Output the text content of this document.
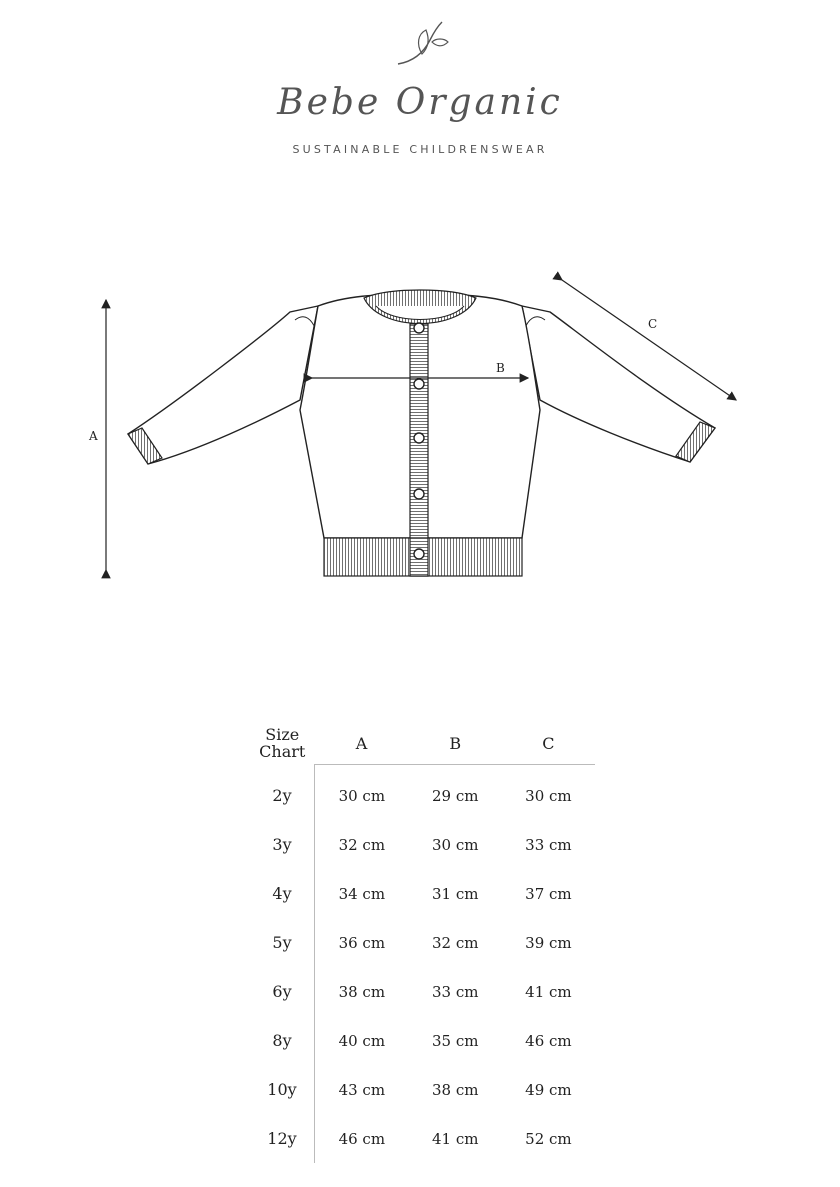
Bebe Organic
SUSTAINABLE CHILDRENSWEAR
A
B
C
Size
Chart	A	B	C
2y	30 cm	29 cm	30 cm
3y	32 cm	30 cm	33 cm
4y	34 cm	31 cm	37 cm
5y	36 cm	32 cm	39 cm
6y	38 cm	33 cm	41 cm
8y	40 cm	35 cm	46 cm
10y	43 cm	38 cm	49 cm
12y	46 cm	41 cm	52 cm
